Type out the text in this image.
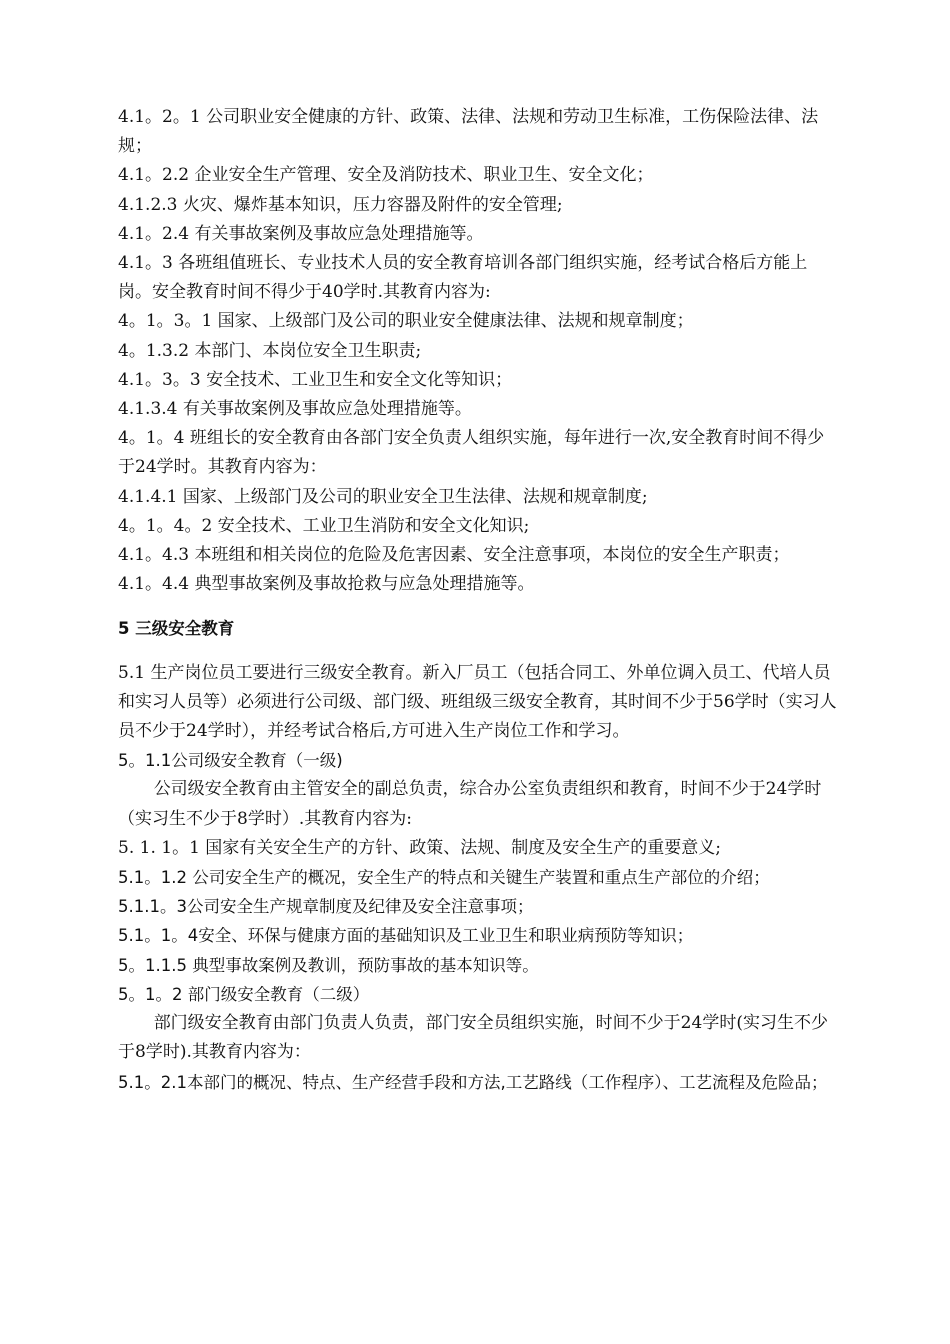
4.1。2。1 公司职业安全健康的方针、政策、法律、法规和劳动卫生标准，工伤保险法律、法规；

4.1。2.2 企业安全生产管理、安全及消防技术、职业卫生、安全文化；

4.1.2.3 火灾、爆炸基本知识，压力容器及附件的安全管理;

4.1。2.4 有关事故案例及事故应急处理措施等。

4.1。3 各班组值班长、专业技术人员的安全教育培训各部门组织实施，经考试合格后方能上岗。安全教育时间不得少于40学时.其教育内容为:

4。1。3。1 国家、上级部门及公司的职业安全健康法律、法规和规章制度；

4。1.3.2 本部门、本岗位安全卫生职责;

4.1。3。3 安全技术、工业卫生和安全文化等知识；

4.1.3.4 有关事故案例及事故应急处理措施等。

4。1。4 班组长的安全教育由各部门安全负责人组织实施，每年进行一次,安全教育时间不得少于24学时。其教育内容为：

4.1.4.1 国家、上级部门及公司的职业安全卫生法律、法规和规章制度;

4。1。4。2 安全技术、工业卫生消防和安全文化知识;

4.1。4.3 本班组和相关岗位的危险及危害因素、安全注意事项，本岗位的安全生产职责；

4.1。4.4 典型事故案例及事故抢救与应急处理措施等。

5 三级安全教育

5.1 生产岗位员工要进行三级安全教育。新入厂员工（包括合同工、外单位调入员工、代培人员和实习人员等）必须进行公司级、部门级、班组级三级安全教育，其时间不少于56学时（实习人员不少于24学时），并经考试合格后,方可进入生产岗位工作和学习。

5。1.1公司级安全教育（一级)

公司级安全教育由主管安全的副总负责，综合办公室负责组织和教育，时间不少于24学时（实习生不少于8学时）.其教育内容为:

5. 1. 1。1 国家有关安全生产的方针、政策、法规、制度及安全生产的重要意义;

5.1。1.2 公司安全生产的概况，安全生产的特点和关键生产装置和重点生产部位的介绍；

5.1.1。3公司安全生产规章制度及纪律及安全注意事项；

5.1。1。4安全、环保与健康方面的基础知识及工业卫生和职业病预防等知识；

5。1.1.5 典型事故案例及教训，预防事故的基本知识等。

5。1。2 部门级安全教育（二级）

部门级安全教育由部门负责人负责，部门安全员组织实施，时间不少于24学时(实习生不少于8学时).其教育内容为：

5.1。2.1本部门的概况、特点、生产经营手段和方法,工艺路线（工作程序）、工艺流程及危险品；
